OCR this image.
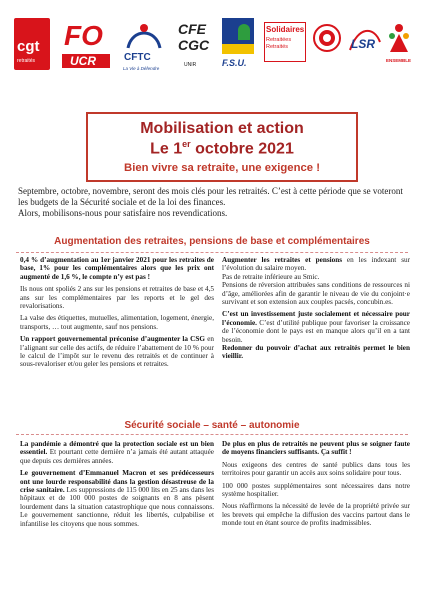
cgt
retraités
FO
UCR	CFTC
La Vie à Défendre
CFE
CGC
UNIR	F.S.U.
Solidaires
Retraitées Retraités	LSR
ENSEMBLE
Mobilisation et action
Le 1er octobre 2021
Bien vivre sa retraite, une exigence !

Septembre, octobre, novembre, seront des mois clés pour les retraités. C’est à cette période que se voteront les budgets de la Sécurité sociale et de la loi des finances.

Alors, mobilisons-nous pour satisfaire nos revendications.

Augmentation des retraites, pensions de base et complémentaires

0,4 % d’augmentation au 1er janvier 2021 pour les retraites de base, 1% pour les complémentaires alors que les prix ont augmenté de 1,6 %, le compte n’y est pas !

Ils nous ont spoliés 2 ans sur les pensions et retraites de base et 4,5 ans sur les complémentaires par les reports et le gel des revalorisations.

La valse des étiquettes, mutuelles, alimentation, logement, énergie, transports, … tout augmente, sauf nos pensions.

Un rapport gouvernemental préconise d’augmenter la CSG en l’alignant sur celle des actifs, de réduire l’abattement de 10 % pour le calcul de l’impôt sur le revenu des retraités et de continuer à sous-revaloriser et/ou geler les pensions et retraites.

Augmenter les retraites et pensions en les indexant sur l’évolution du salaire moyen.

Pas de retraite inférieure au Smic.

Pensions de réversion attribuées sans conditions de ressources ni d’âge, améliorées afin de garantir le niveau de vie du conjoint·e survivant et son extension aux couples pacsés, concubin.es.

C’est un investissement juste socialement et nécessaire pour l’économie. C’est d’utilité publique pour favoriser la croissance de l’économie dont le pays est en manque alors qu’il en a tant besoin.

Redonner du pouvoir d’achat aux retraités permet le bien vieillir.

Sécurité sociale – santé – autonomie

La pandémie a démontré que la protection sociale est un bien essentiel. Et pourtant cette dernière n’a jamais été autant attaquée que depuis ces dernières années.

Le gouvernement d’Emmanuel Macron et ses prédécesseurs ont une lourde responsabilité dans la gestion désastreuse de la crise sanitaire. Les suppressions de 115 000 lits en 25 ans dans les hôpitaux et de 100 000 postes de soignants en 8 ans pèsent lourdement dans la situation catastrophique que nous connaissons. Le gouvernement sanctionne, réduit les libertés, culpabilise et infantilise les citoyens que nous sommes.

De plus en plus de retraités ne peuvent plus se soigner faute de moyens financiers suffisants. Ça suffit !

Nous exigeons des centres de santé publics dans tous les territoires pour garantir un accès aux soins solidaire pour tous.

100 000 postes supplémentaires sont nécessaires dans notre système hospitalier.

Nous réaffirmons la nécessité de levée de la propriété privée sur les brevets qui empêche la diffusion des vaccins partout dans le monde tout en étant source de profits inadmissibles.
